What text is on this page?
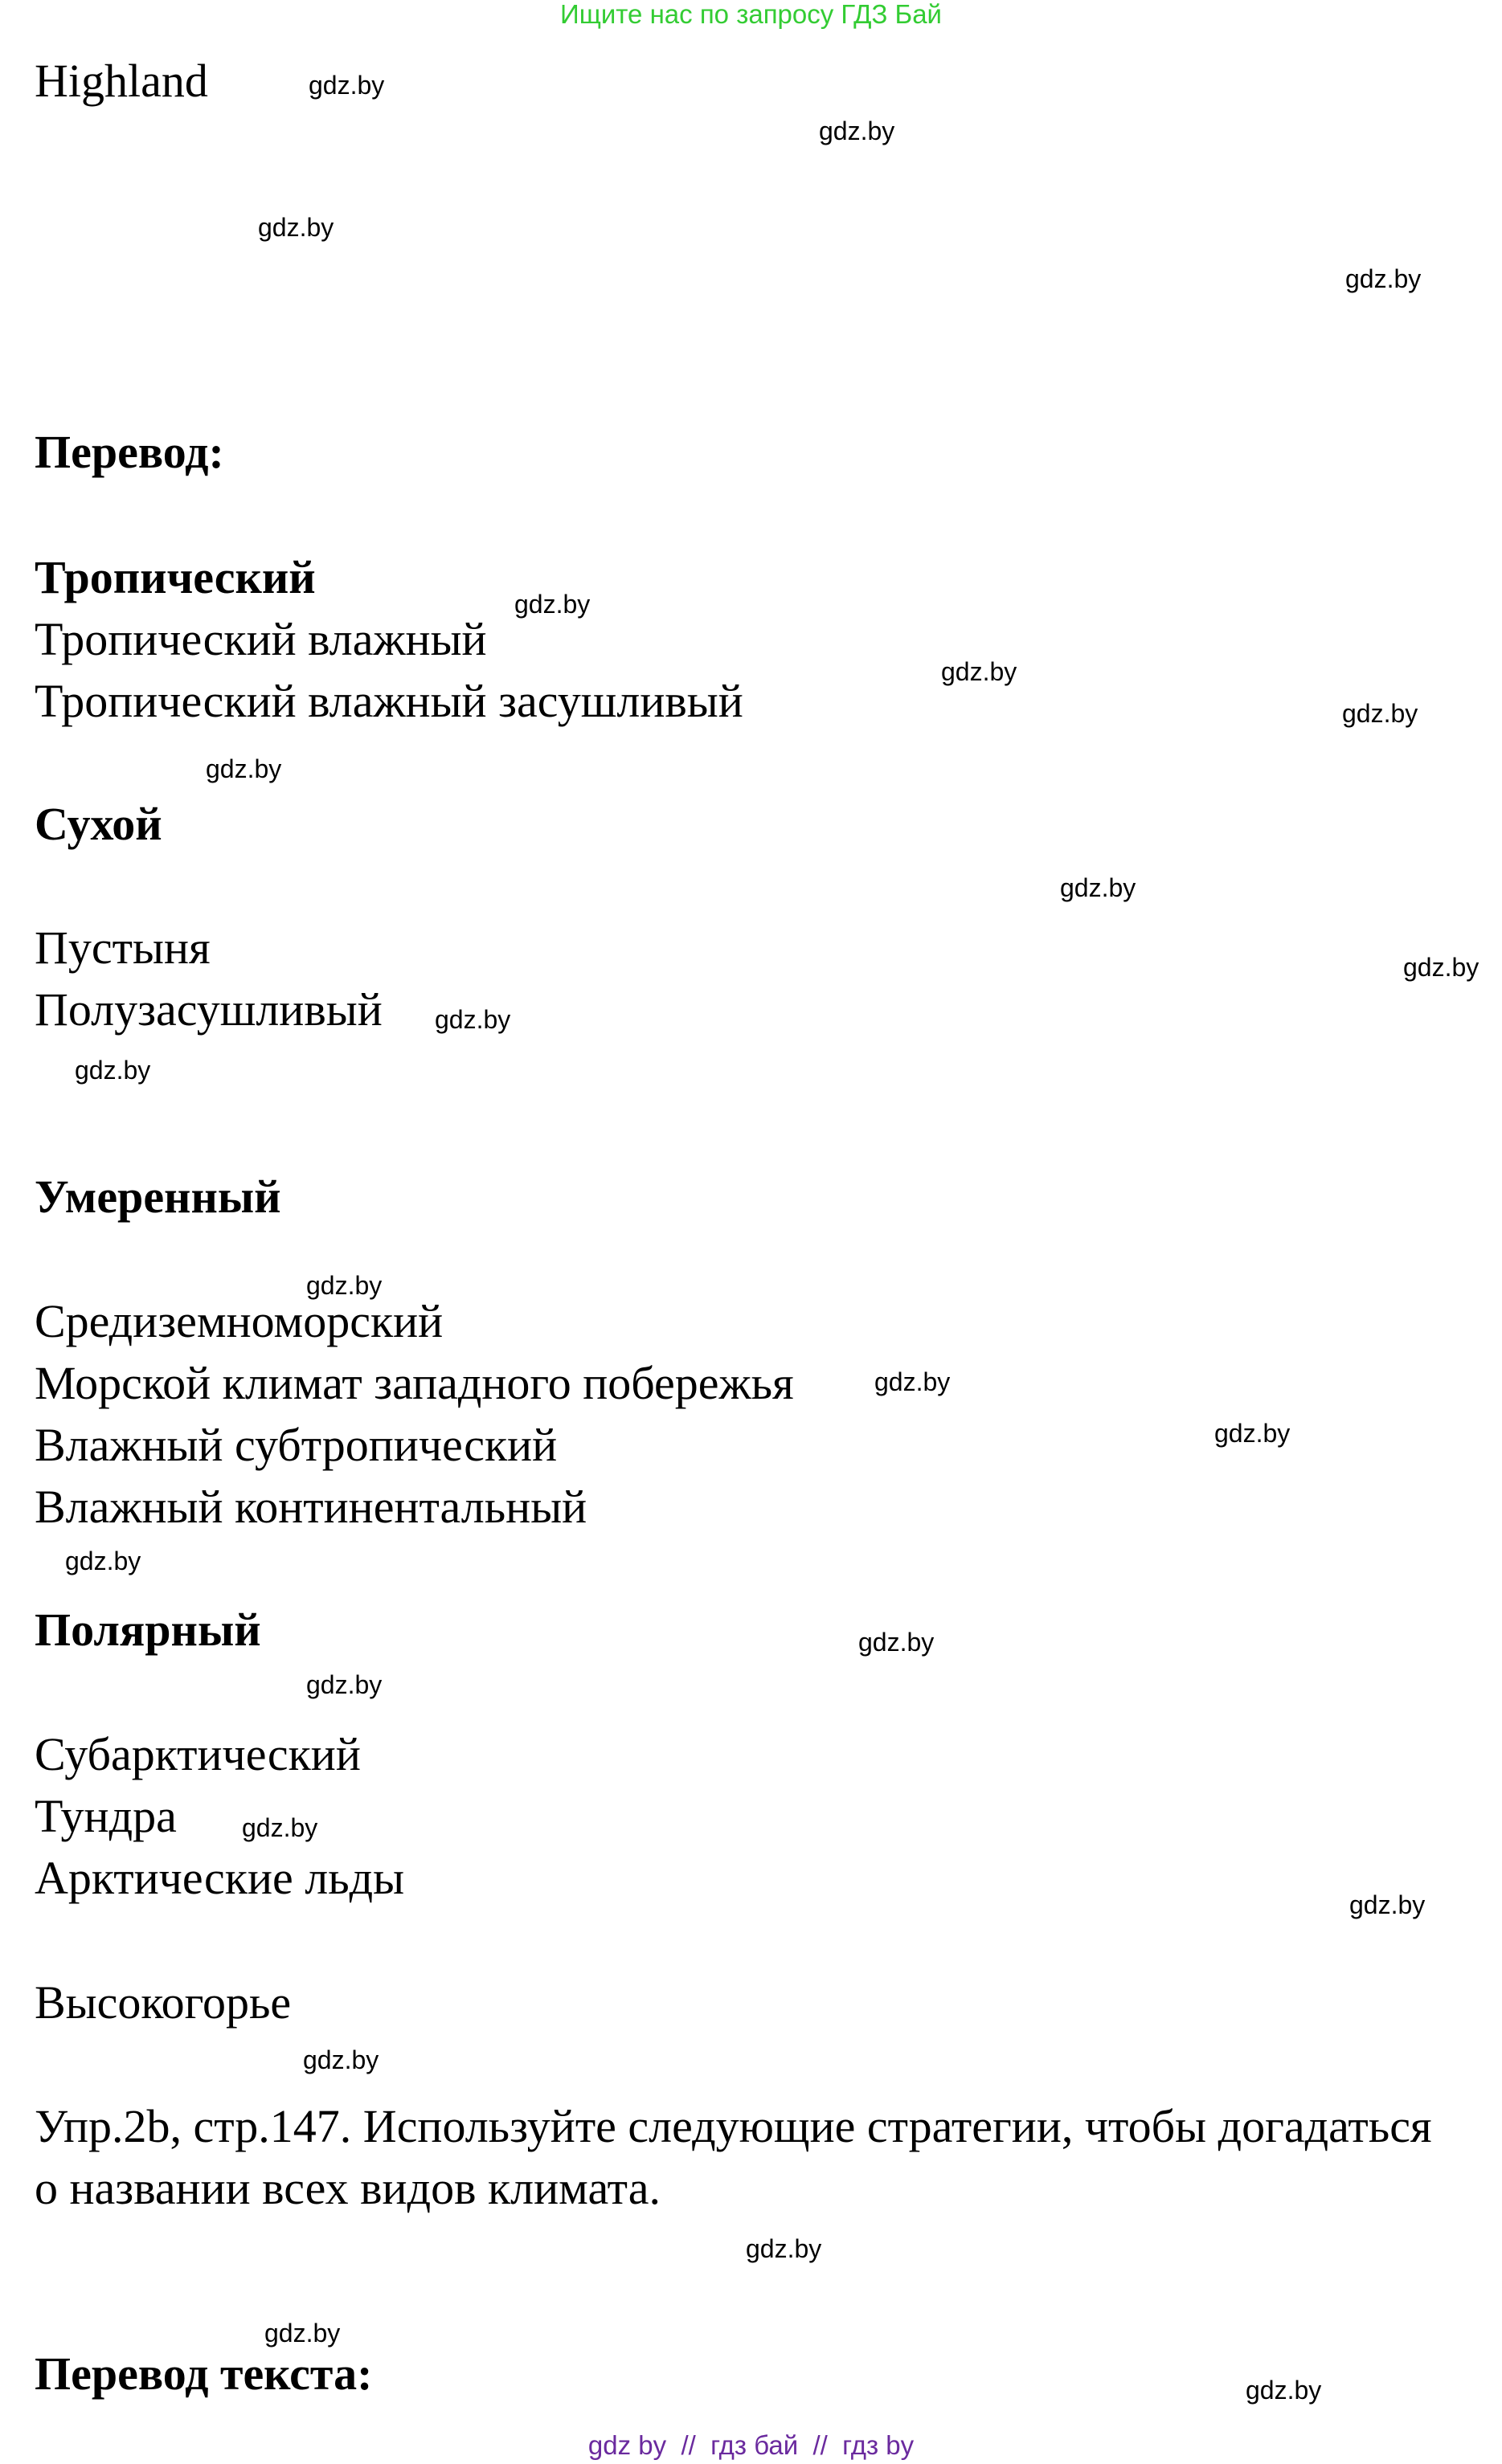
Ищите нас по запросу ГДЗ Бай
Highland
Перевод:
Тропический
Тропический влажный
Тропический влажный засушливый
Сухой
Пустыня
Полузасушливый
Умеренный
Средиземноморский
Морской климат западного побережья
Влажный субтропический
Влажный континентальный
Полярный
Субарктический
Тундра
Арктические льды
Высокогорье
Упр.2b, стр.147. Используйте следующие стратегии, чтобы догадаться
о названии всех видов климата.
Перевод текста:
gdz.by
gdz.by
gdz.by
gdz.by
gdz.by
gdz.by
gdz.by
gdz.by
gdz.by
gdz.by
gdz.by
gdz.by
gdz.by
gdz.by
gdz.by
gdz.by
gdz.by
gdz.by
gdz.by
gdz.by
gdz.by
gdz.by
gdz.by
gdz.by
gdz by  //  гдз бай  //  гдз by
